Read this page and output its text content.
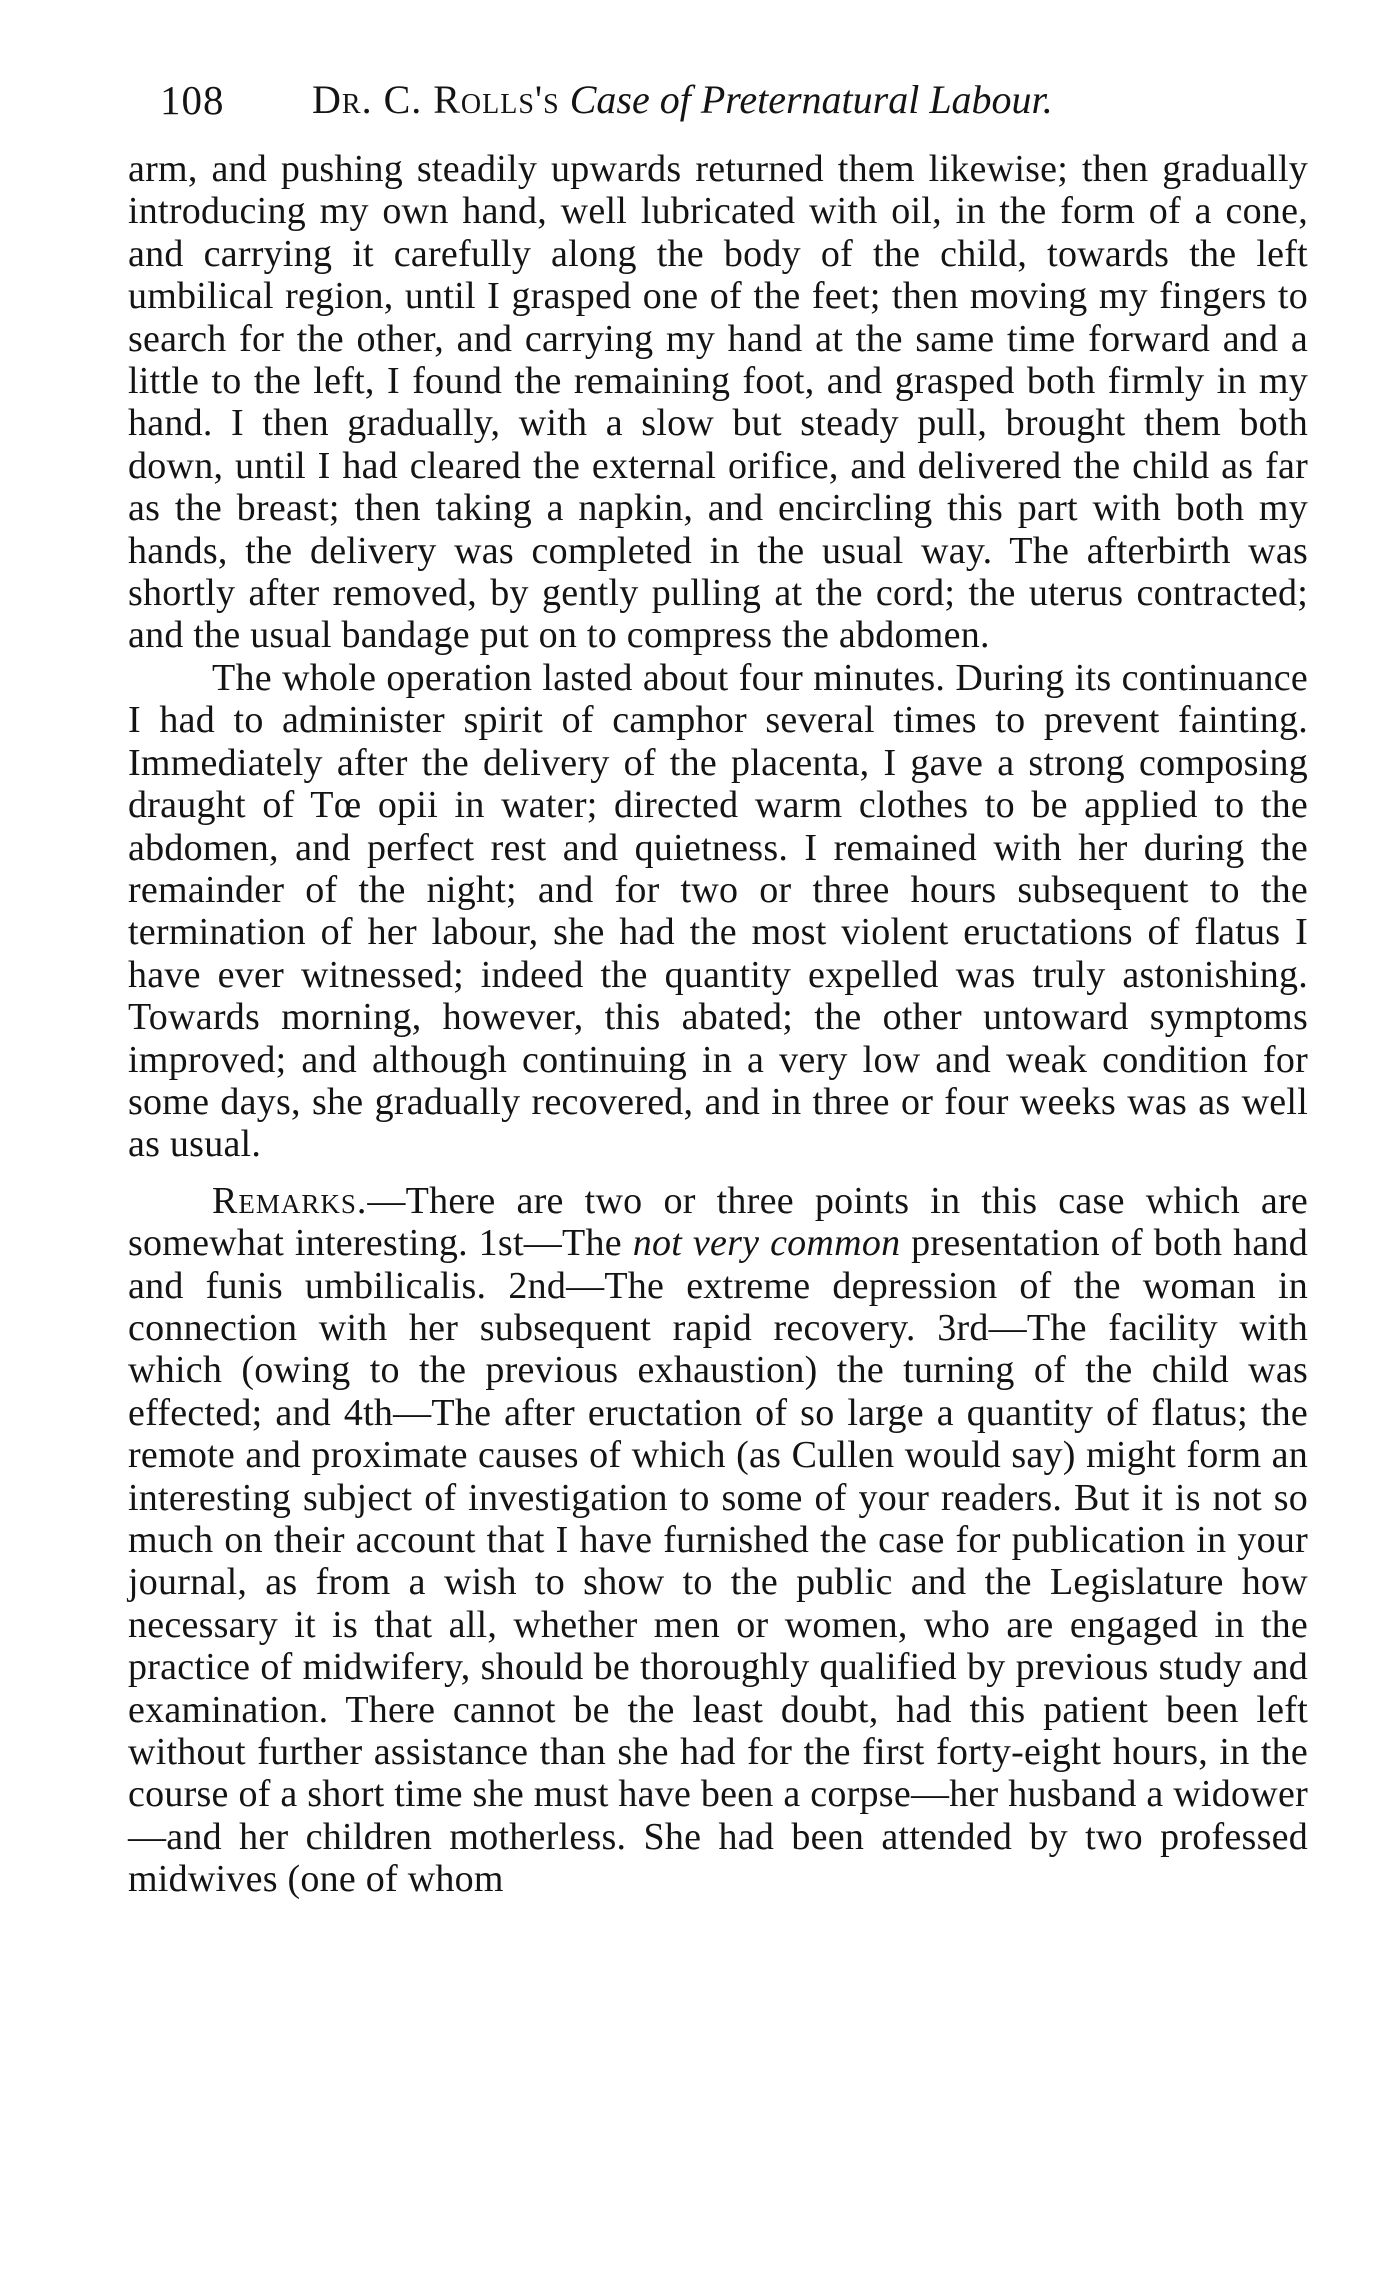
108 Dr. C. Rolls's Case of Preternatural Labour.

arm, and pushing steadily upwards returned them likewise; then gradually introducing my own hand, well lubricated with oil, in the form of a cone, and carrying it carefully along the body of the child, towards the left umbilical region, until I grasped one of the feet; then moving my fingers to search for the other, and carrying my hand at the same time forward and a little to the left, I found the remaining foot, and grasped both firmly in my hand. I then gradually, with a slow but steady pull, brought them both down, until I had cleared the external orifice, and delivered the child as far as the breast; then taking a napkin, and encircling this part with both my hands, the delivery was completed in the usual way. The afterbirth was shortly after removed, by gently pulling at the cord; the uterus contracted; and the usual bandage put on to compress the abdomen.

The whole operation lasted about four minutes. During its continuance I had to administer spirit of camphor several times to prevent fainting. Immediately after the delivery of the placenta, I gave a strong composing draught of Tœ opii in water; directed warm clothes to be applied to the abdomen, and perfect rest and quietness. I remained with her during the remainder of the night; and for two or three hours subsequent to the termination of her labour, she had the most violent eructations of flatus I have ever witnessed; indeed the quantity expelled was truly astonishing. Towards morning, however, this abated; the other untoward symptoms improved; and although continuing in a very low and weak condition for some days, she gradually recovered, and in three or four weeks was as well as usual.

Remarks.—There are two or three points in this case which are somewhat interesting. 1st—The not very common presentation of both hand and funis umbilicalis. 2nd—The extreme depression of the woman in connection with her subsequent rapid recovery. 3rd—The facility with which (owing to the previous exhaustion) the turning of the child was effected; and 4th—The after eructation of so large a quantity of flatus; the remote and proximate causes of which (as Cullen would say) might form an interesting subject of investigation to some of your readers. But it is not so much on their account that I have furnished the case for publication in your journal, as from a wish to show to the public and the Legislature how necessary it is that all, whether men or women, who are engaged in the practice of midwifery, should be thoroughly qualified by previous study and examination. There cannot be the least doubt, had this patient been left without further assistance than she had for the first forty-eight hours, in the course of a short time she must have been a corpse—her husband a widower—and her children motherless. She had been attended by two professed midwives (one of whom
